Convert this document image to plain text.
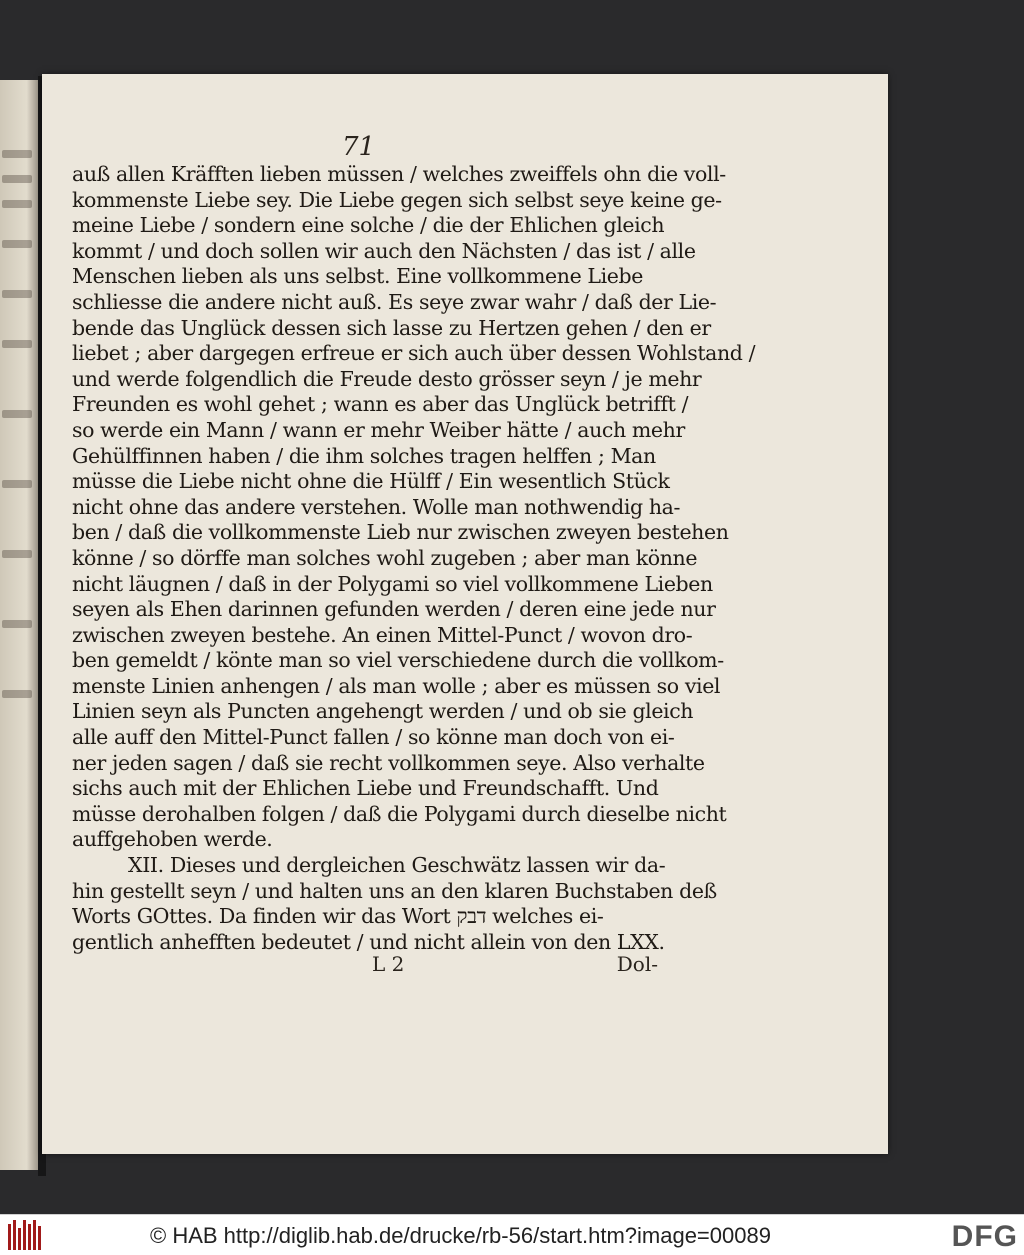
71
auß allen Kräfften lieben müssen / welches zweiffels ohn die voll-
kommenste Liebe sey. Die Liebe gegen sich selbst seye keine ge-
meine Liebe / sondern eine solche / die der Ehlichen gleich
kommt / und doch sollen wir auch den Nächsten / das ist / alle
Menschen lieben als uns selbst. Eine vollkommene Liebe
schliesse die andere nicht auß. Es seye zwar wahr / daß der Lie-
bende das Unglück dessen sich lasse zu Hertzen gehen / den er
liebet ; aber dargegen erfreue er sich auch über dessen Wohlstand /
und werde folgendlich die Freude desto grösser seyn / je mehr
Freunden es wohl gehet ; wann es aber das Unglück betrifft /
so werde ein Mann / wann er mehr Weiber hätte / auch mehr
Gehülffinnen haben / die ihm solches tragen helffen ; Man
müsse die Liebe nicht ohne die Hülff / Ein wesentlich Stück
nicht ohne das andere verstehen. Wolle man nothwendig ha-
ben / daß die vollkommenste Lieb nur zwischen zweyen bestehen
könne / so dörffe man solches wohl zugeben ; aber man könne
nicht läugnen / daß in der Polygami so viel vollkommene Lieben
seyen als Ehen darinnen gefunden werden / deren eine jede nur
zwischen zweyen bestehe. An einen Mittel-Punct / wovon dro-
ben gemeldt / könte man so viel verschiedene durch die vollkom-
menste Linien anhengen / als man wolle ; aber es müssen so viel
Linien seyn als Puncten angehengt werden / und ob sie gleich
alle auff den Mittel-Punct fallen / so könne man doch von ei-
ner jeden sagen / daß sie recht vollkommen seye. Also verhalte
sichs auch mit der Ehlichen Liebe und Freundschafft. Und
müsse derohalben folgen / daß die Polygami durch dieselbe nicht
auffgehoben werde.
XII. Dieses und dergleichen Geschwätz lassen wir da-
hin gestellt seyn / und halten uns an den klaren Buchstaben deß
Worts GOttes. Da finden wir das Wort דבק welches ei-
gentlich anhefften bedeutet / und nicht allein von den LXX.
L 2	Dol-
© HAB http://diglib.hab.de/drucke/rb-56/start.htm?image=00089	DFG
